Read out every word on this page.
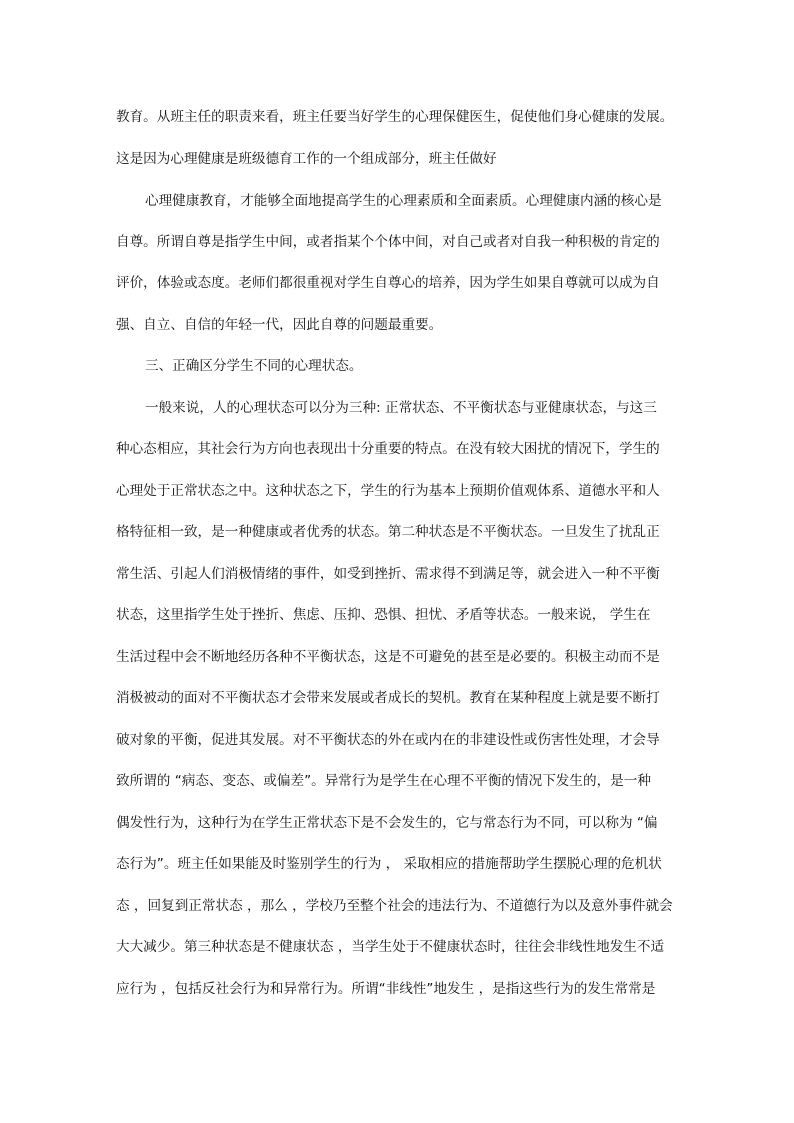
教育。从班主任的职责来看，班主任要当好学生的心理保健医生，促使他们身心健康的发展。
这是因为心理健康是班级德育工作的一个组成部分，班主任做好
心理健康教育，才能够全面地提高学生的心理素质和全面素质。心理健康内涵的核心是
自尊。所谓自尊是指学生中间，或者指某个个体中间，对自己或者对自我一种积极的肯定的
评价，体验或态度。老师们都很重视对学生自尊心的培养，因为学生如果自尊就可以成为自
强、自立、自信的年轻一代，因此自尊的问题最重要。
三、正确区分学生不同的心理状态。
一般来说，人的心理状态可以分为三种: 正常状态、不平衡状态与亚健康状态，与这三
种心态相应，其社会行为方向也表现出十分重要的特点。在没有较大困扰的情况下，学生的
心理处于正常状态之中。这种状态之下，学生的行为基本上预期价值观体系、道德水平和人
格特征相一致，是一种健康或者优秀的状态。第二种状态是不平衡状态。一旦发生了扰乱正
常生活、引起人们消极情绪的事件，如受到挫折、需求得不到满足等，就会进入一种不平衡
状态，这里指学生处于挫折、焦虑、压抑、恐惧、担忧、矛盾等状态。一般来说， 学生在
生活过程中会不断地经历各种不平衡状态，这是不可避免的甚至是必要的。积极主动而不是
消极被动的面对不平衡状态才会带来发展或者成长的契机。教育在某种程度上就是要不断打
破对象的平衡，促进其发展。对不平衡状态的外在或内在的非建设性或伤害性处理，才会导
致所谓的 “病态、变态、或偏差”。异常行为是学生在心理不平衡的情况下发生的，是一种
偶发性行为，这种行为在学生正常状态下是不会发生的，它与常态行为不同，可以称为 “偏
态行为”。班主任如果能及时鉴别学生的行为 ， 采取相应的措施帮助学生摆脱心理的危机状
态 ，回复到正常状态 ，那么 ，学校乃至整个社会的违法行为、不道德行为以及意外事件就会
大大减少。第三种状态是不健康状态 ，当学生处于不健康状态时，往往会非线性地发生不适
应行为 ，包括反社会行为和异常行为。所谓“非线性”地发生 ，是指这些行为的发生常常是
